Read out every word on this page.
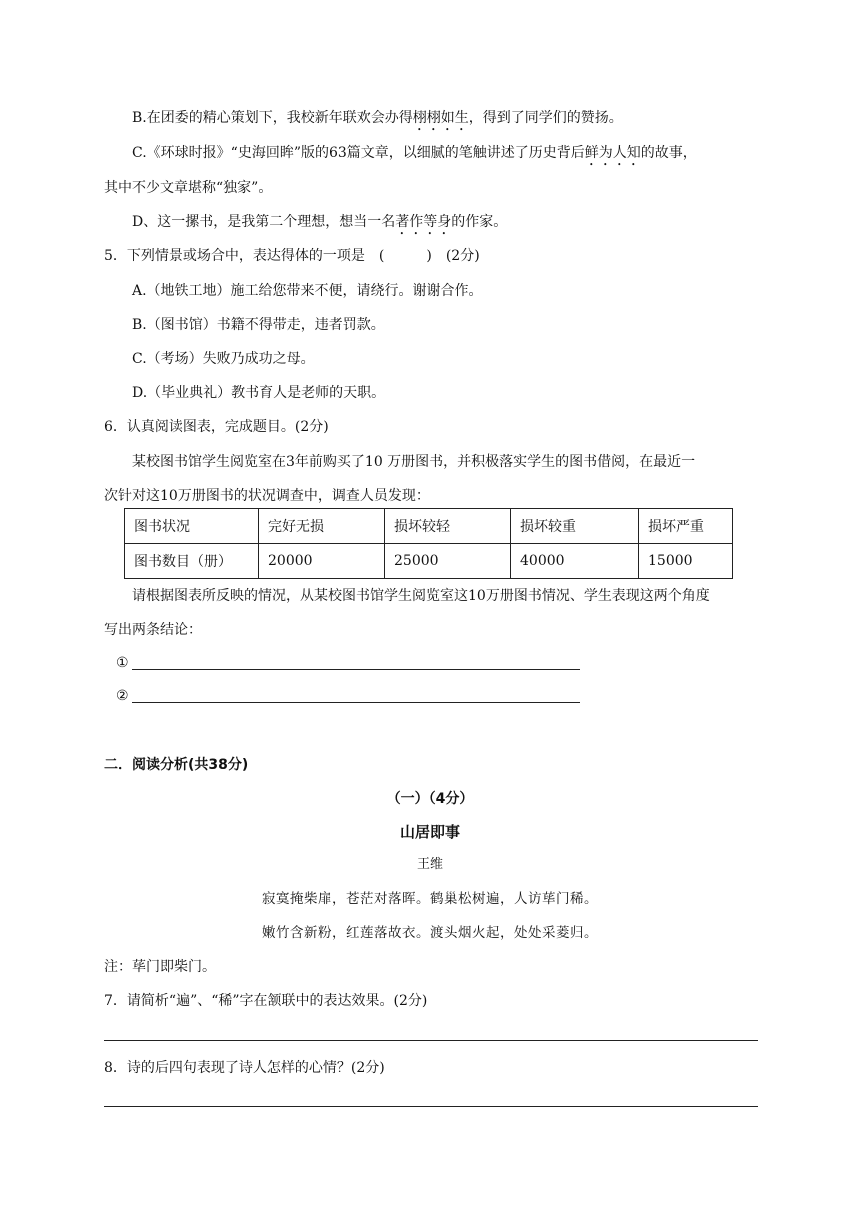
B.在团委的精心策划下，我校新年联欢会办得栩栩如生，得到了同学们的赞扬。
C.《环球时报》“史海回眸”版的63篇文章，以细腻的笔触讲述了历史背后鲜为人知的故事，
其中不少文章堪称“独家”。
D、这一摞书，是我第二个理想，想当一名著作等身的作家。
5．下列情景或场合中，表达得体的一项是　(　　　)　(2分)
A.（地铁工地）施工给您带来不便，请绕行。谢谢合作。
B.（图书馆）书籍不得带走，违者罚款。
C.（考场）失败乃成功之母。
D.（毕业典礼）教书育人是老师的天职。
6．认真阅读图表，完成题目。(2分)
某校图书馆学生阅览室在3年前购买了10 万册图书，并积极落实学生的图书借阅，在最近一
次针对这10万册图书的状况调查中，调查人员发现：
图书状况	完好无损	损坏较轻	损坏较重	损坏严重
图书数目（册）	20000	25000	40000	15000
请根据图表所反映的情况，从某校图书馆学生阅览室这10万册图书情况、学生表现这两个角度
写出两条结论：
①
②
二．阅读分析(共38分)
（一）（4分）
山居即事
王维
寂寞掩柴扉，苍茫对落晖。鹤巢松树遍，人访荜门稀。
嫩竹含新粉，红莲落故衣。渡头烟火起，处处采菱归。
注：荜门即柴门。
7．请简析“遍”、“稀”字在颔联中的表达效果。(2分)
8．诗的后四句表现了诗人怎样的心情？(2分)
